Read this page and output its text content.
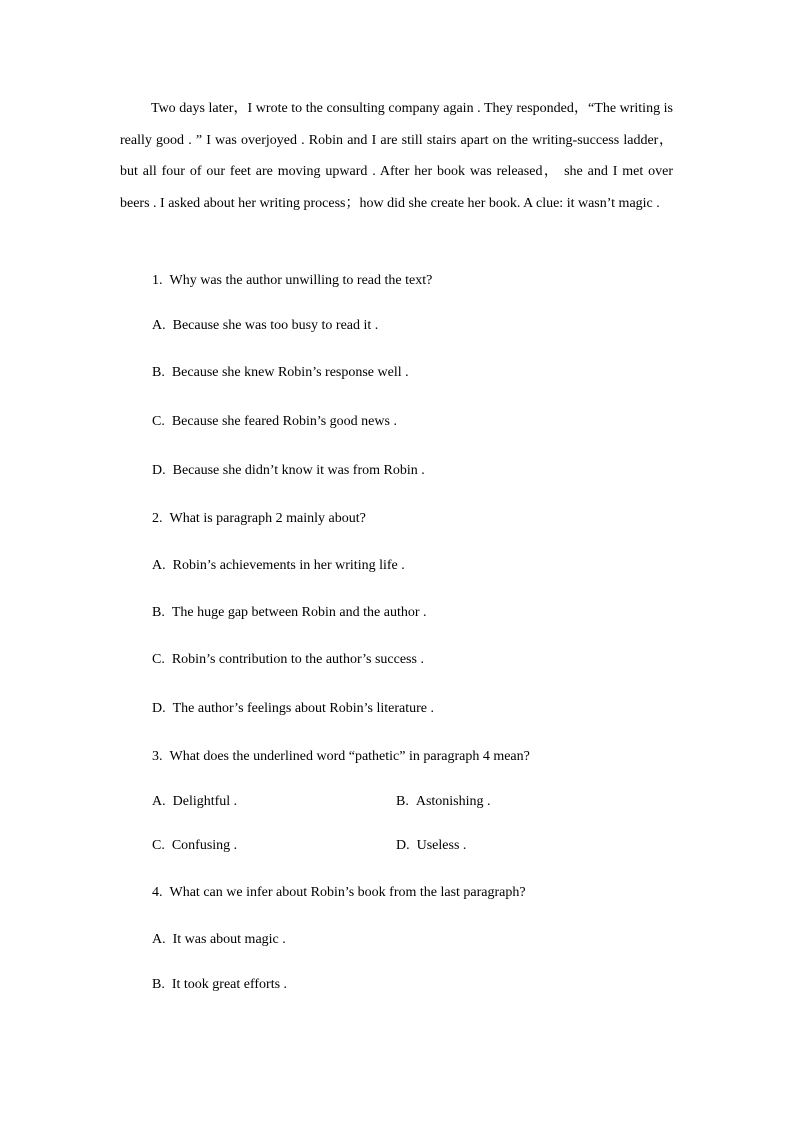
Two days later，I wrote to the consulting company again . They responded，“The writing is really good . ” I was overjoyed . Robin and I are still stairs apart on the writing-success ladder， but all four of our feet are moving upward . After her book was released， she and I met over beers . I asked about her writing process；how did she create her book. A clue: it wasn’t magic .

1. Why was the author unwilling to read the text?
A. Because she was too busy to read it .
B. Because she knew Robin’s response well .
C. Because she feared Robin’s good news .
D. Because she didn’t know it was from Robin .
2. What is paragraph 2 mainly about?
A. Robin’s achievements in her writing life .
B. The huge gap between Robin and the author .
C. Robin’s contribution to the author’s success .
D. The author’s feelings about Robin’s literature .
3. What does the underlined word “pathetic” in paragraph 4 mean?
A. Delightful .	B. Astonishing .
C. Confusing .	D. Useless .
4. What can we infer about Robin’s book from the last paragraph?
A. It was about magic .
B. It took great efforts .
